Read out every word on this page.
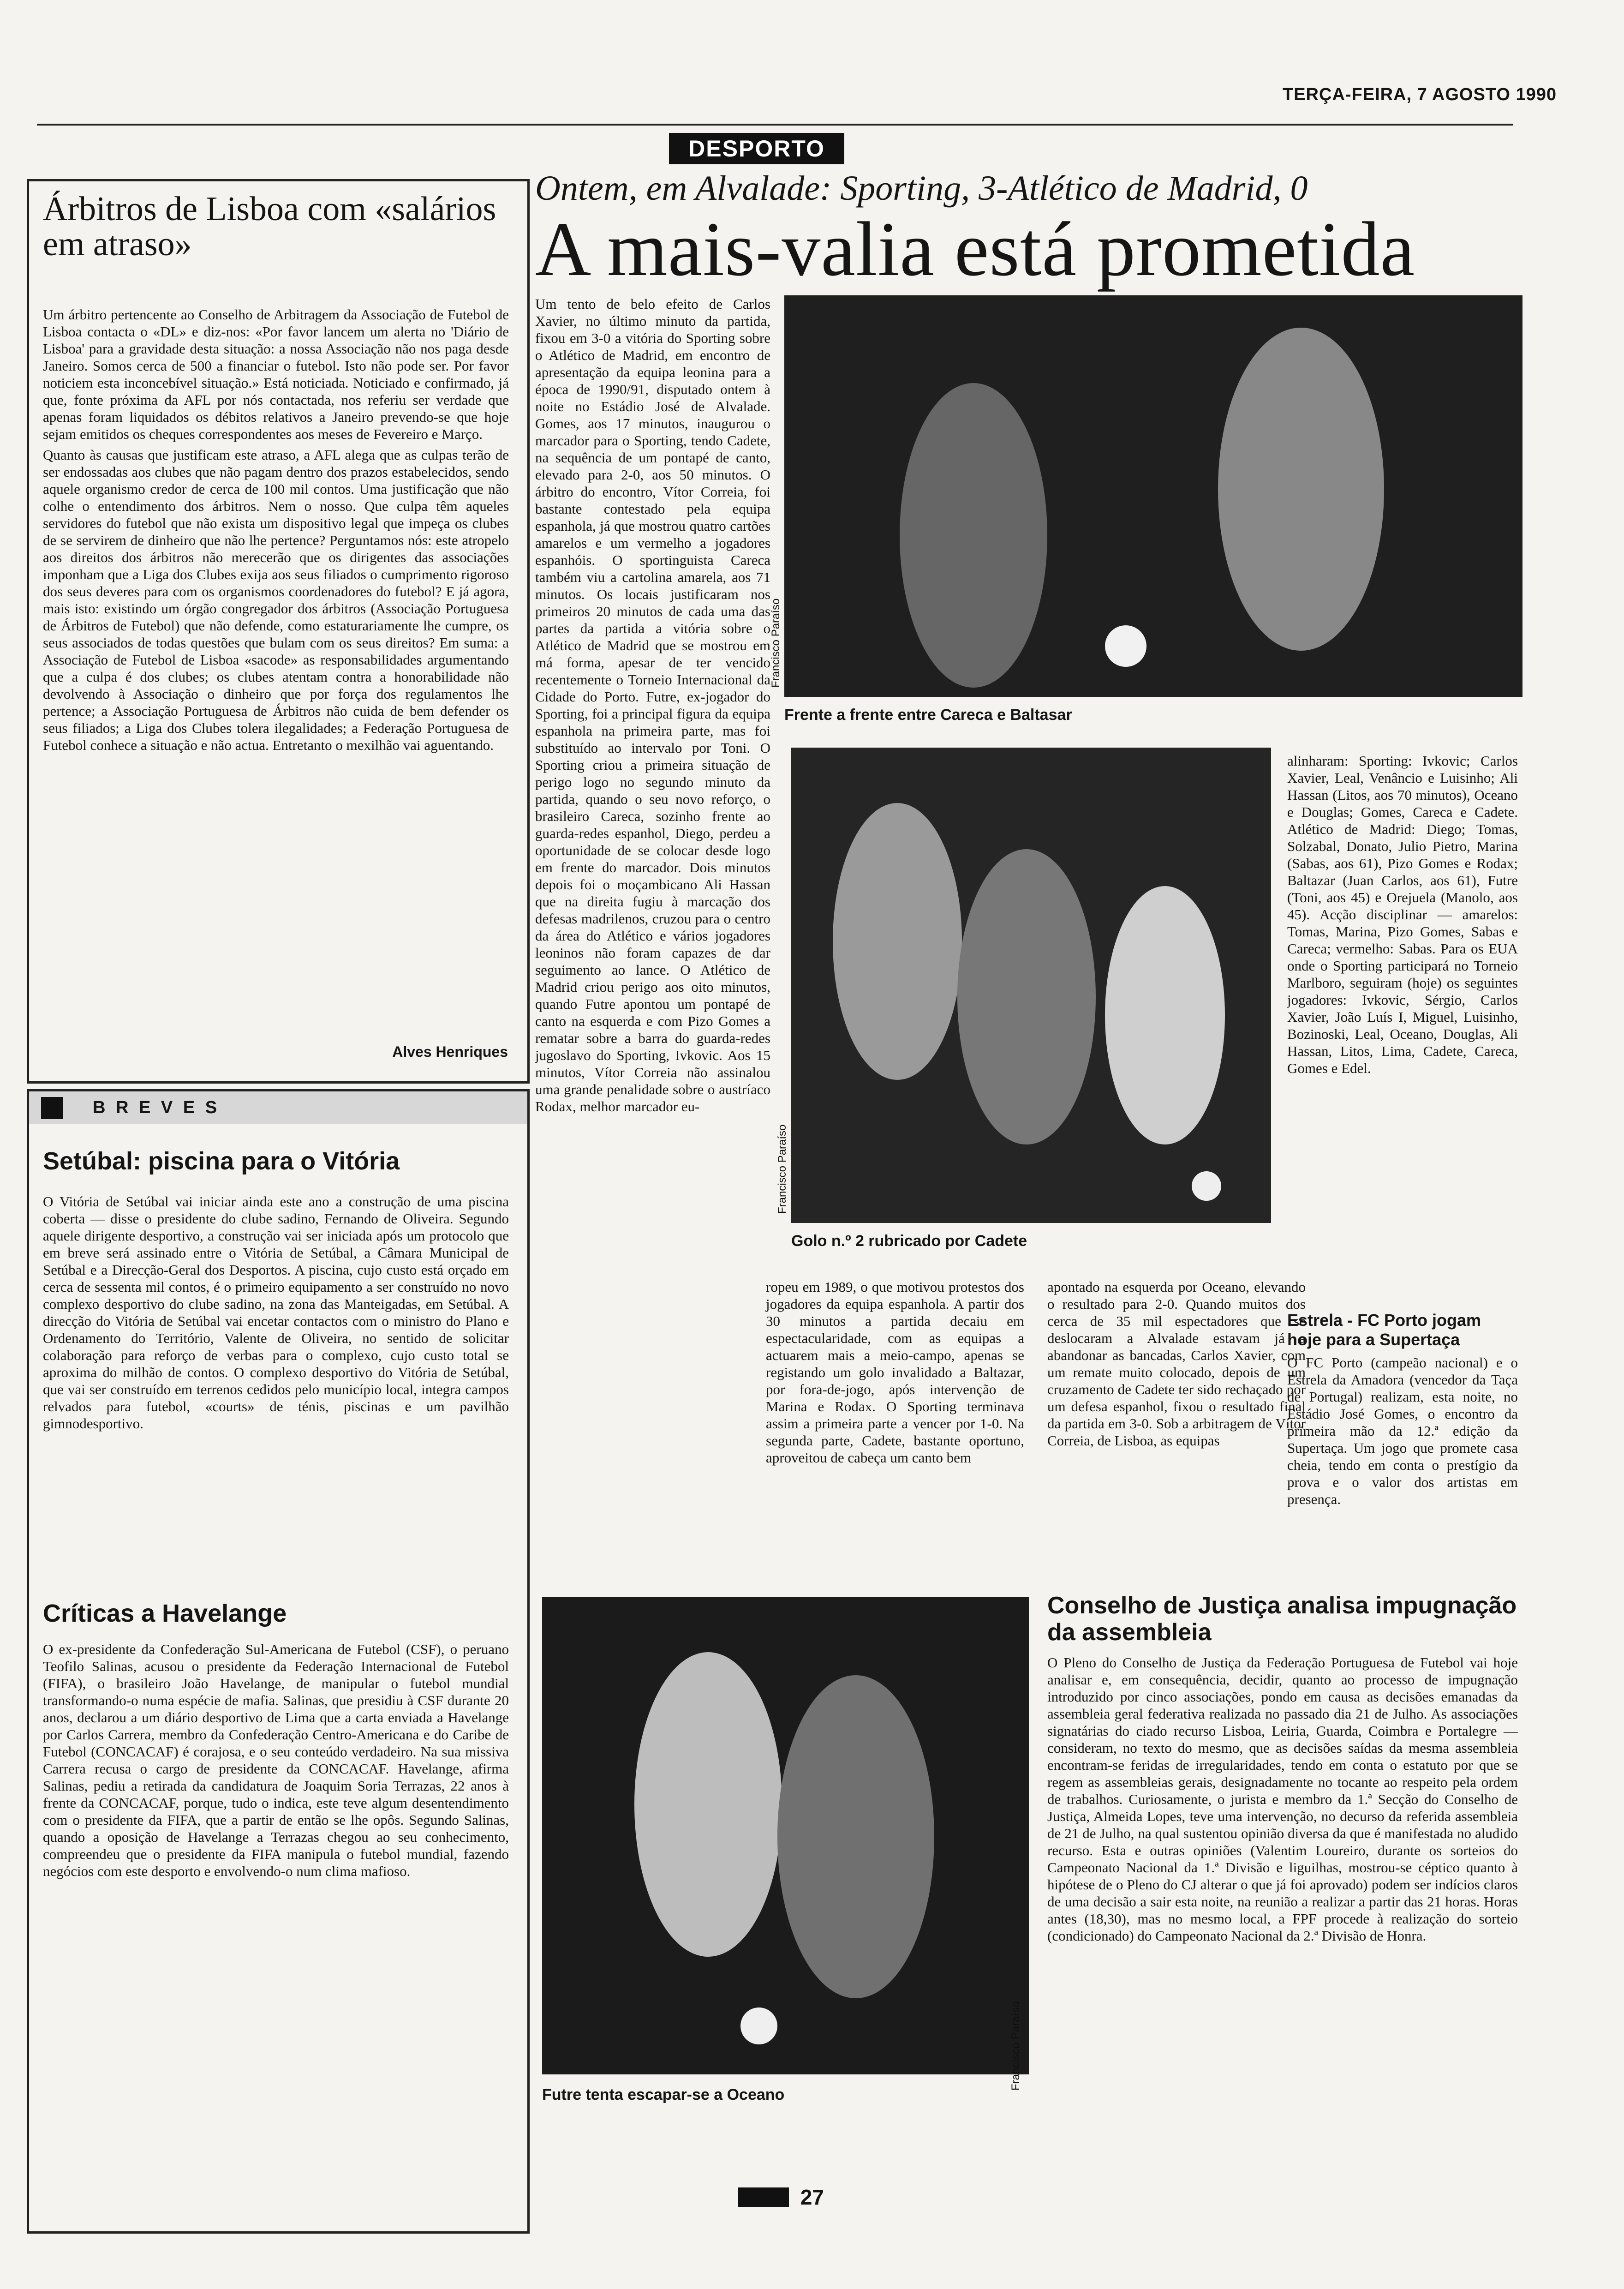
TERÇA-FEIRA, 7 AGOSTO 1990
DESPORTO
Árbitros de Lisboa com «salários em atraso»

Um árbitro pertencente ao Conselho de Arbitragem da Associação de Futebol de Lisboa contacta o «DL» e diz-nos: «Por favor lancem um alerta no 'Diário de Lisboa' para a gravidade desta situação: a nossa Associação não nos paga desde Janeiro. Somos cerca de 500 a financiar o futebol. Isto não pode ser. Por favor noticiem esta inconcebível situação.» Está noticiada. Noticiado e confirmado, já que, fonte próxima da AFL por nós contactada, nos referiu ser verdade que apenas foram liquidados os débitos relativos a Janeiro prevendo-se que hoje sejam emitidos os cheques correspondentes aos meses de Fevereiro e Março.

Quanto às causas que justificam este atraso, a AFL alega que as culpas terão de ser endossadas aos clubes que não pagam dentro dos prazos estabelecidos, sendo aquele organismo credor de cerca de 100 mil contos. Uma justificação que não colhe o entendimento dos árbitros. Nem o nosso. Que culpa têm aqueles servidores do futebol que não exista um dispositivo legal que impeça os clubes de se servirem de dinheiro que não lhe pertence? Perguntamos nós: este atropelo aos direitos dos árbitros não merecerão que os dirigentes das associações imponham que a Liga dos Clubes exija aos seus filiados o cumprimento rigoroso dos seus deveres para com os organismos coordenadores do futebol? E já agora, mais isto: existindo um órgão congregador dos árbitros (Associação Portuguesa de Árbitros de Futebol) que não defende, como estaturariamente lhe cumpre, os seus associados de todas questões que bulam com os seus direitos? Em suma: a Associação de Futebol de Lisboa «sacode» as responsabilidades argumentando que a culpa é dos clubes; os clubes atentam contra a honorabilidade não devolvendo à Associação o dinheiro que por força dos regulamentos lhe pertence; a Associação Portuguesa de Árbitros não cuida de bem defender os seus filiados; a Liga dos Clubes tolera ilegalidades; a Federação Portuguesa de Futebol conhece a situação e não actua. Entretanto o mexilhão vai aguentando.

Alves Henriques
Ontem, em Alvalade: Sporting, 3-Atlético de Madrid, 0
A mais-valia está prometida
Um tento de belo efeito de Carlos Xavier, no último minuto da partida, fixou em 3-0 a vitória do Sporting sobre o Atlético de Madrid, em encontro de apresentação da equipa leonina para a época de 1990/91, disputado ontem à noite no Estádio José de Alvalade. Gomes, aos 17 minutos, inaugurou o marcador para o Sporting, tendo Cadete, na sequência de um pontapé de canto, elevado para 2-0, aos 50 minutos. O árbitro do encontro, Vítor Correia, foi bastante contestado pela equipa espanhola, já que mostrou quatro cartões amarelos e um vermelho a jogadores espanhóis. O sportinguista Careca também viu a cartolina amarela, aos 71 minutos. Os locais justificaram nos primeiros 20 minutos de cada uma das partes da partida a vitória sobre o Atlético de Madrid que se mostrou em má forma, apesar de ter vencido recentemente o Torneio Internacional da Cidade do Porto. Futre, ex-jogador do Sporting, foi a principal figura da equipa espanhola na primeira parte, mas foi substituído ao intervalo por Toni. O Sporting criou a primeira situação de perigo logo no segundo minuto da partida, quando o seu novo reforço, o brasileiro Careca, sozinho frente ao guarda-redes espanhol, Diego, perdeu a oportunidade de se colocar desde logo em frente do marcador. Dois minutos depois foi o moçambicano Ali Hassan que na direita fugiu à marcação dos defesas madrilenos, cruzou para o centro da área do Atlético e vários jogadores leoninos não foram capazes de dar seguimento ao lance. O Atlético de Madrid criou perigo aos oito minutos, quando Futre apontou um pontapé de canto na esquerda e com Pizo Gomes a rematar sobre a barra do guarda-redes jugoslavo do Sporting, Ivkovic. Aos 15 minutos, Vítor Correia não assinalou uma grande penalidade sobre o austríaco Rodax, melhor marcador eu-
Francisco Paraíso
Frente a frente entre Careca e Baltasar
Francisco Paraíso
Golo n.º 2 rubricado por Cadete
alinharam: Sporting: Ivkovic; Carlos Xavier, Leal, Venâncio e Luisinho; Ali Hassan (Litos, aos 70 minutos), Oceano e Douglas; Gomes, Careca e Cadete. Atlético de Madrid: Diego; Tomas, Solzabal, Donato, Julio Pietro, Marina (Sabas, aos 61), Pizo Gomes e Rodax; Baltazar (Juan Carlos, aos 61), Futre (Toni, aos 45) e Orejuela (Manolo, aos 45). Acção disciplinar — amarelos: Tomas, Marina, Pizo Gomes, Sabas e Careca; vermelho: Sabas. Para os EUA onde o Sporting participará no Torneio Marlboro, seguiram (hoje) os seguintes jogadores: Ivkovic, Sérgio, Carlos Xavier, João Luís I, Miguel, Luisinho, Bozinoski, Leal, Oceano, Douglas, Ali Hassan, Litos, Lima, Cadete, Careca, Gomes e Edel.
ropeu em 1989, o que motivou protestos dos jogadores da equipa espanhola. A partir dos 30 minutos a partida decaiu em espectacularidade, com as equipas a actuarem mais a meio-campo, apenas se registando um golo invalidado a Baltazar, por fora-de-jogo, após intervenção de Marina e Rodax. O Sporting terminava assim a primeira parte a vencer por 1-0. Na segunda parte, Cadete, bastante oportuno, aproveitou de cabeça um canto bem
apontado na esquerda por Oceano, elevando o resultado para 2-0. Quando muitos dos cerca de 35 mil espectadores que se deslocaram a Alvalade estavam já a abandonar as bancadas, Carlos Xavier, com um remate muito colocado, depois de um cruzamento de Cadete ter sido rechaçado por um defesa espanhol, fixou o resultado final da partida em 3-0. Sob a arbitragem de Vítor Correia, de Lisboa, as equipas
Estrela - FC Porto jogam hoje para a Supertaça
O FC Porto (campeão nacional) e o Estrela da Amadora (vencedor da Taça de Portugal) realizam, esta noite, no Estádio José Gomes, o encontro da primeira mão da 12.ª edição da Supertaça. Um jogo que promete casa cheia, tendo em conta o prestígio da prova e o valor dos artistas em presença.
Francisco Paraíso
Futre tenta escapar-se a Oceano
Conselho de Justiça analisa impugnação da assembleia
O Pleno do Conselho de Justiça da Federação Portuguesa de Futebol vai hoje analisar e, em consequência, decidir, quanto ao processo de impugnação introduzido por cinco associações, pondo em causa as decisões emanadas da assembleia geral federativa realizada no passado dia 21 de Julho. As associações signatárias do ciado recurso Lisboa, Leiria, Guarda, Coimbra e Portalegre — consideram, no texto do mesmo, que as decisões saídas da mesma assembleia encontram-se feridas de irregularidades, tendo em conta o estatuto por que se regem as assembleias gerais, designadamente no tocante ao respeito pela ordem de trabalhos. Curiosamente, o jurista e membro da 1.ª Secção do Conselho de Justiça, Almeida Lopes, teve uma intervenção, no decurso da referida assembleia de 21 de Julho, na qual sustentou opinião diversa da que é manifestada no aludido recurso. Esta e outras opiniões (Valentim Loureiro, durante os sorteios do Campeonato Nacional da 1.ª Divisão e liguilhas, mostrou-se céptico quanto à hipótese de o Pleno do CJ alterar o que já foi aprovado) podem ser indícios claros de uma decisão a sair esta noite, na reunião a realizar a partir das 21 horas. Horas antes (18,30), mas no mesmo local, a FPF procede à realização do sorteio (condicionado) do Campeonato Nacional da 2.ª Divisão de Honra.
B R E V E S
Setúbal: piscina para o Vitória
O Vitória de Setúbal vai iniciar ainda este ano a construção de uma piscina coberta — disse o presidente do clube sadino, Fernando de Oliveira. Segundo aquele dirigente desportivo, a construção vai ser iniciada após um protocolo que em breve será assinado entre o Vitória de Setúbal, a Câmara Municipal de Setúbal e a Direcção-Geral dos Desportos. A piscina, cujo custo está orçado em cerca de sessenta mil contos, é o primeiro equipamento a ser construído no novo complexo desportivo do clube sadino, na zona das Manteigadas, em Setúbal. A direcção do Vitória de Setúbal vai encetar contactos com o ministro do Plano e Ordenamento do Território, Valente de Oliveira, no sentido de solicitar colaboração para reforço de verbas para o complexo, cujo custo total se aproxima do milhão de contos. O complexo desportivo do Vitória de Setúbal, que vai ser construído em terrenos cedidos pelo município local, integra campos relvados para futebol, «courts» de ténis, piscinas e um pavilhão gimnodesportivo.
Críticas a Havelange
O ex-presidente da Confederação Sul-Americana de Futebol (CSF), o peruano Teofilo Salinas, acusou o presidente da Federação Internacional de Futebol (FIFA), o brasileiro João Havelange, de manipular o futebol mundial transformando-o numa espécie de mafia. Salinas, que presidiu à CSF durante 20 anos, declarou a um diário desportivo de Lima que a carta enviada a Havelange por Carlos Carrera, membro da Confederação Centro-Americana e do Caribe de Futebol (CONCACAF) é corajosa, e o seu conteúdo verdadeiro. Na sua missiva Carrera recusa o cargo de presidente da CONCACAF. Havelange, afirma Salinas, pediu a retirada da candidatura de Joaquim Soria Terrazas, 22 anos à frente da CONCACAF, porque, tudo o indica, este teve algum desentendimento com o presidente da FIFA, que a partir de então se lhe opôs. Segundo Salinas, quando a oposição de Havelange a Terrazas chegou ao seu conhecimento, compreendeu que o presidente da FIFA manipula o futebol mundial, fazendo negócios com este desporto e envolvendo-o num clima mafioso.
27
